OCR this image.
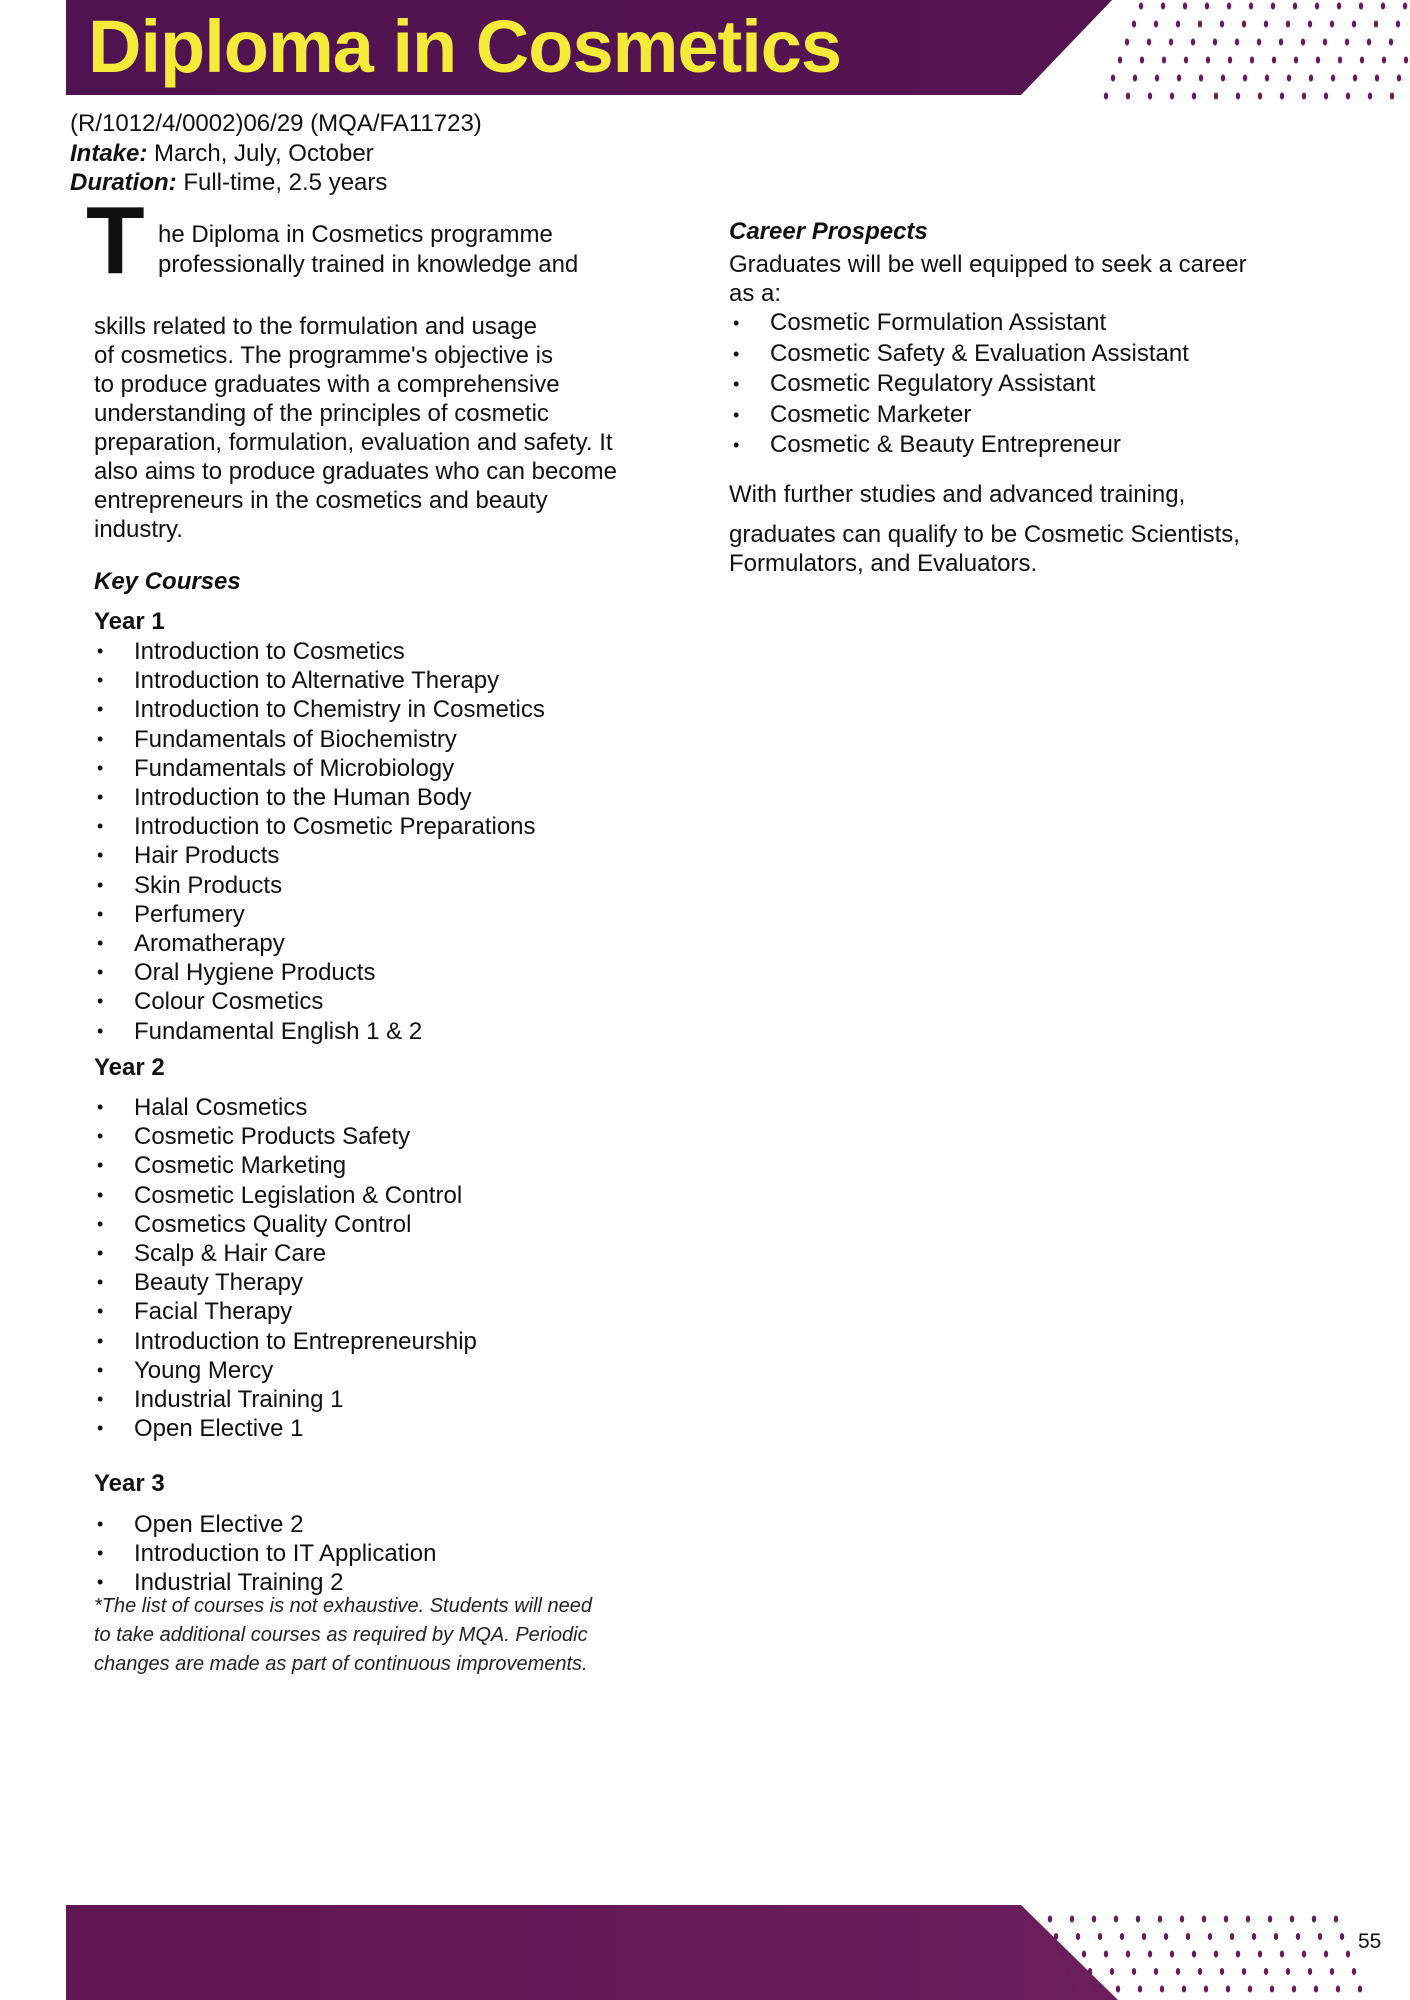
Diploma in Cosmetics
(R/1012/4/0002)06/29 (MQA/FA11723)
Intake: March, July, October
Duration: Full-time, 2.5 years
T he Diploma in Cosmetics programme
professionally trained in knowledge and
skills related to the formulation and usage
of cosmetics. The programme's objective is
to produce graduates with a comprehensive
understanding of the principles of cosmetic
preparation, formulation, evaluation and safety. It
also aims to produce graduates who can become
entrepreneurs in the cosmetics and beauty
industry.
Key Courses
Year 1
• Introduction to Cosmetics
• Introduction to Alternative Therapy
• Introduction to Chemistry in Cosmetics
• Fundamentals of Biochemistry
• Fundamentals of Microbiology
• Introduction to the Human Body
• Introduction to Cosmetic Preparations
• Hair Products
• Skin Products
• Perfumery
• Aromatherapy
• Oral Hygiene Products
• Colour Cosmetics
• Fundamental English 1 & 2
Year 2
• Halal Cosmetics
• Cosmetic Products Safety
• Cosmetic Marketing
• Cosmetic Legislation & Control
• Cosmetics Quality Control
• Scalp & Hair Care
• Beauty Therapy
• Facial Therapy
• Introduction to Entrepreneurship
• Young Mercy
• Industrial Training 1
• Open Elective 1
Year 3
• Open Elective 2
• Introduction to IT Application
• Industrial Training 2
*The list of courses is not exhaustive. Students will need
to take additional courses as required by MQA. Periodic
changes are made as part of continuous improvements.
Career Prospects
Graduates will be well equipped to seek a career
as a:
• Cosmetic Formulation Assistant
• Cosmetic Safety & Evaluation Assistant
• Cosmetic Regulatory Assistant
• Cosmetic Marketer
• Cosmetic & Beauty Entrepreneur
With further studies and advanced training,
graduates can qualify to be Cosmetic Scientists,
Formulators, and Evaluators.
55
